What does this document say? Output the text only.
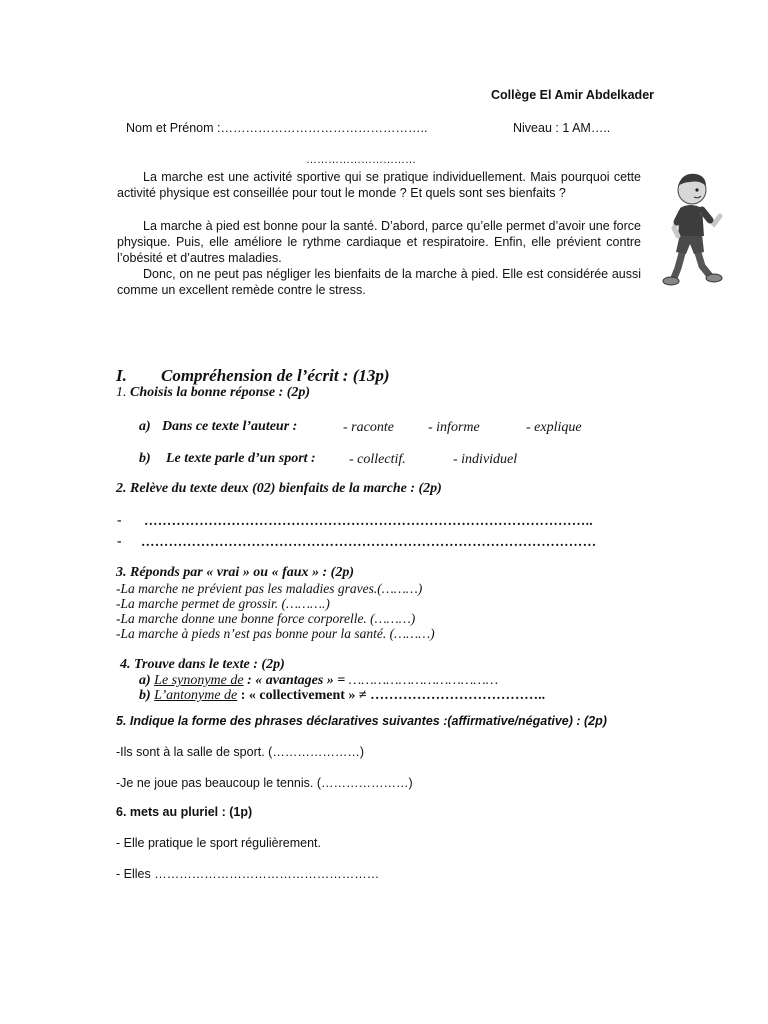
Collège El Amir Abdelkader
Nom et Prénom :…………………………………………..	Niveau : 1 AM…..
…………………………

La marche est une activité sportive qui se pratique individuellement. Mais pourquoi cette activité physique est conseillée pour tout le monde ? Et quels sont ses bienfaits ?

La marche à pied est bonne pour la santé. D’abord, parce qu’elle permet d’avoir une force physique. Puis, elle améliore le rythme cardiaque et respiratoire. Enfin, elle prévient contre l’obésité et d’autres maladies.

Donc, on ne peut pas négliger les bienfaits de la marche à pied. Elle est considérée aussi comme un excellent remède contre le stress.

I. Compréhension de l’écrit : (13p)
1. Choisis la bonne réponse : (2p)
a) Dans ce texte l’auteur :	- raconte - informe	- explique
b) Le texte parle d’un sport : - collectif.	- individuel
2. Relève du texte deux (02) bienfaits de la marche : (2p)
- ……………………………………………………………………………………..
- ………………………………………………………………………………………
3. Réponds par « vrai » ou « faux » : (2p)
-La marche ne prévient pas les maladies graves.(………)
-La marche permet de grossir. (……….)
-La marche donne une bonne force corporelle. (………)
-La marche à pieds n’est pas bonne pour la santé. (………)
4. Trouve dans le texte : (2p)
a) Le synonyme de : « avantages » = ………………………………
b) L’antonyme de : « collectivement » ≠ ………………………………..
5. Indique la forme des phrases déclaratives suivantes :(affirmative/négative) : (2p)
-Ils sont à la salle de sport. (…………………)
-Je ne joue pas beaucoup le tennis. (…………………)
6. mets au pluriel : (1p)
- Elle pratique le sport régulièrement.
- Elles ………………………………………………
